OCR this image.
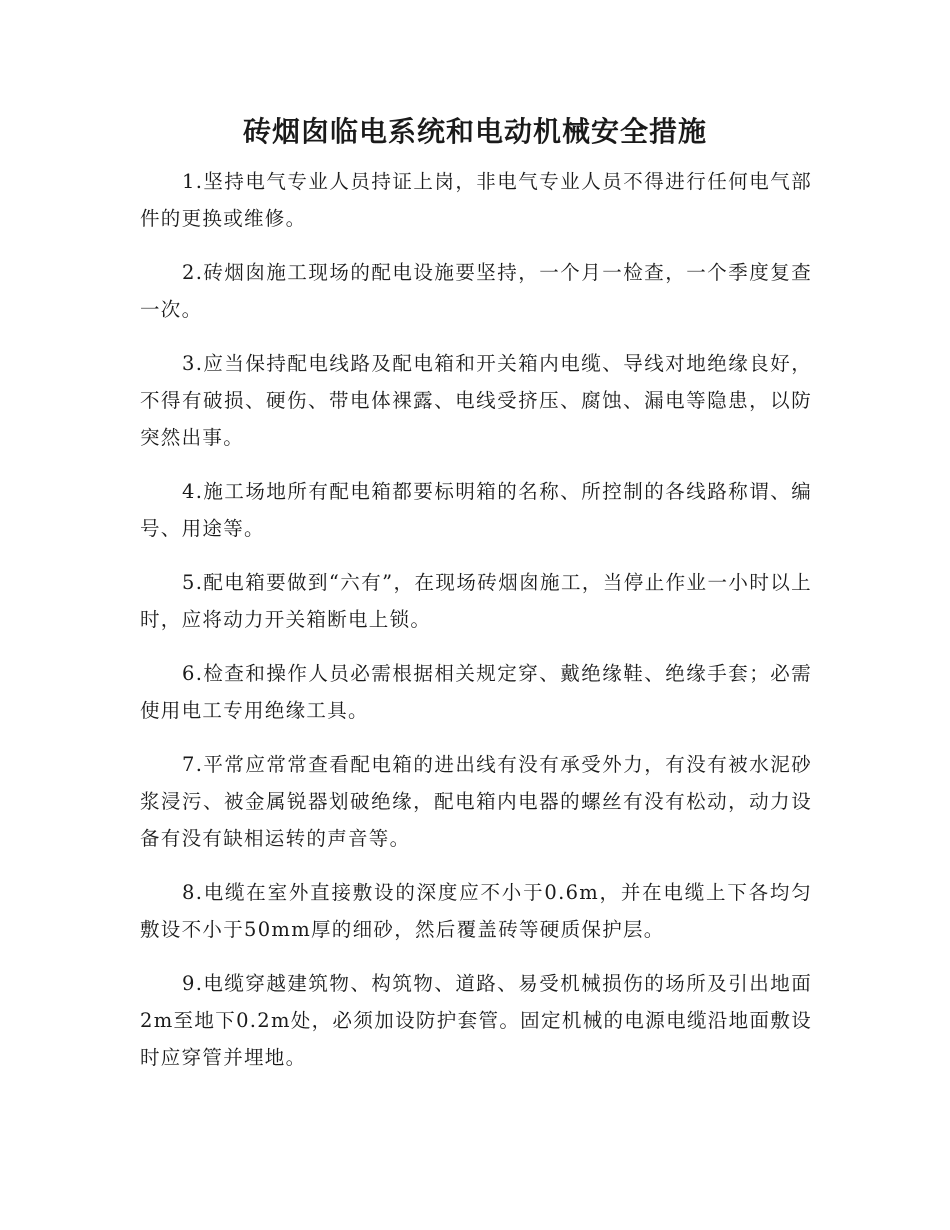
砖烟囱临电系统和电动机械安全措施

1.坚持电气专业人员持证上岗，非电气专业人员不得进行任何电气部件的更换或维修。

2.砖烟囱施工现场的配电设施要坚持，一个月一检查，一个季度复查一次。

3.应当保持配电线路及配电箱和开关箱内电缆、导线对地绝缘良好，不得有破损、硬伤、带电体裸露、电线受挤压、腐蚀、漏电等隐患，以防突然出事。

4.施工场地所有配电箱都要标明箱的名称、所控制的各线路称谓、编号、用途等。

5.配电箱要做到“六有”，在现场砖烟囱施工，当停止作业一小时以上时，应将动力开关箱断电上锁。

6.检查和操作人员必需根据相关规定穿、戴绝缘鞋、绝缘手套；必需使用电工专用绝缘工具。

7.平常应常常查看配电箱的进出线有没有承受外力，有没有被水泥砂浆浸污、被金属锐器划破绝缘，配电箱内电器的螺丝有没有松动，动力设备有没有缺相运转的声音等。

8.电缆在室外直接敷设的深度应不小于0.6m，并在电缆上下各均匀敷设不小于50mm厚的细砂，然后覆盖砖等硬质保护层。

9.电缆穿越建筑物、构筑物、道路、易受机械损伤的场所及引出地面2m至地下0.2m处，必须加设防护套管。固定机械的电源电缆沿地面敷设时应穿管并埋地。
